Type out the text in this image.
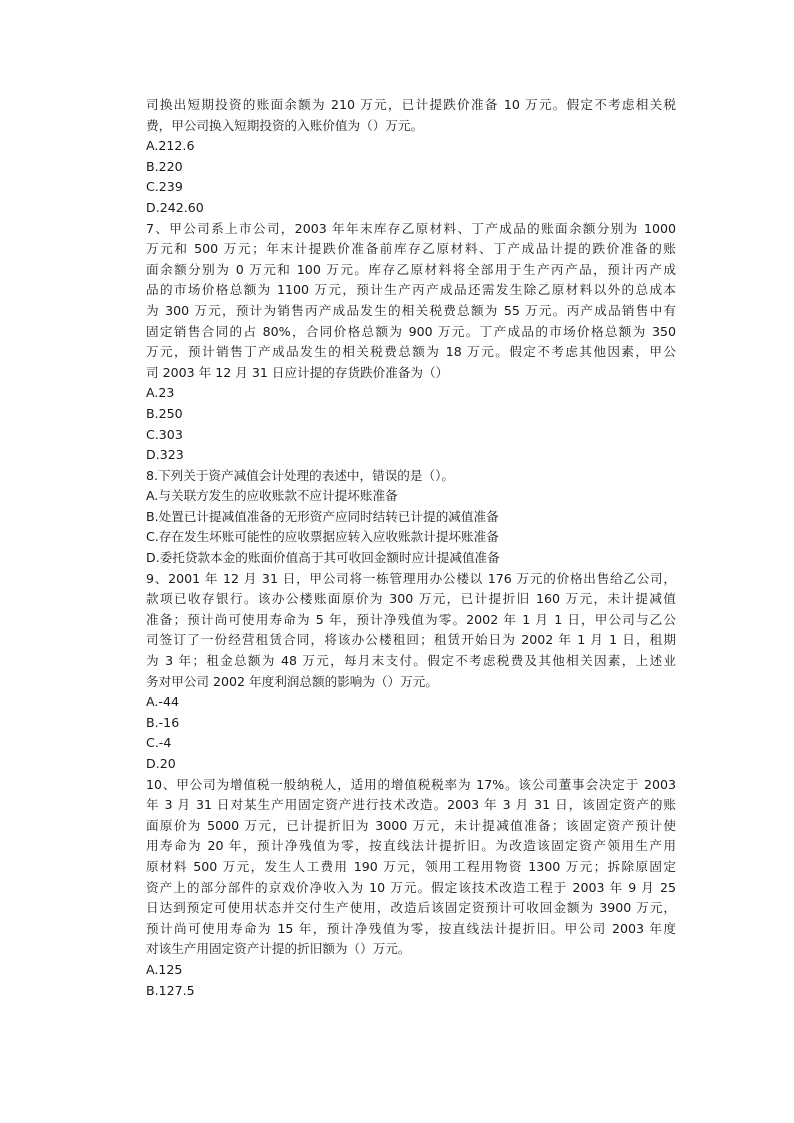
司换出短期投资的账面余额为 210 万元，已计提跌价准备 10 万元。假定不考虑相关税
费，甲公司换入短期投资的入账价值为（）万元。
A.212.6
B.220
C.239
D.242.60
7、甲公司系上市公司，2003 年年末库存乙原材料、丁产成品的账面余额分别为 1000
万元和 500 万元；年末计提跌价准备前库存乙原材料、丁产成品计提的跌价准备的账
面余额分别为 0 万元和 100 万元。库存乙原材料将全部用于生产丙产品，预计丙产成
品的市场价格总额为 1100 万元，预计生产丙产成品还需发生除乙原材料以外的总成本
为 300 万元，预计为销售丙产成品发生的相关税费总额为 55 万元。丙产成品销售中有
固定销售合同的占 80%，合同价格总额为 900 万元。丁产成品的市场价格总额为 350
万元，预计销售丁产成品发生的相关税费总额为 18 万元。假定不考虑其他因素，甲公
司 2003 年 12 月 31 日应计提的存货跌价准备为（）
A.23
B.250
C.303
D.323
8.下列关于资产减值会计处理的表述中，错误的是（）。
A.与关联方发生的应收账款不应计提坏账准备
B.处置已计提减值准备的无形资产应同时结转已计提的减值准备
C.存在发生坏账可能性的应收票据应转入应收账款计提坏账准备
D.委托贷款本金的账面价值高于其可收回金额时应计提减值准备
9、2001 年 12 月 31 日，甲公司将一栋管理用办公楼以 176 万元的价格出售给乙公司，
款项已收存银行。该办公楼账面原价为 300 万元，已计提折旧 160 万元，未计提减值
准备；预计尚可使用寿命为 5 年，预计净残值为零。2002 年 1 月 1 日，甲公司与乙公
司签订了一份经营租赁合同，将该办公楼租回；租赁开始日为 2002 年 1 月 1 日，租期
为 3 年；租金总额为 48 万元，每月末支付。假定不考虑税费及其他相关因素，上述业
务对甲公司 2002 年度利润总额的影响为（）万元。
A.-44
B.-16
C.-4
D.20
10、甲公司为增值税一般纳税人，适用的增值税税率为 17%。该公司董事会决定于 2003
年 3 月 31 日对某生产用固定资产进行技术改造。2003 年 3 月 31 日，该固定资产的账
面原价为 5000 万元，已计提折旧为 3000 万元，未计提减值准备；该固定资产预计使
用寿命为 20 年，预计净残值为零，按直线法计提折旧。为改造该固定资产领用生产用
原材料 500 万元，发生人工费用 190 万元，领用工程用物资 1300 万元；拆除原固定
资产上的部分部件的京戏价净收入为 10 万元。假定该技术改造工程于 2003 年 9 月 25
日达到预定可使用状态并交付生产使用，改造后该固定资预计可收回金额为 3900 万元，
预计尚可使用寿命为 15 年，预计净残值为零，按直线法计提折旧。甲公司 2003 年度
对该生产用固定资产计提的折旧额为（）万元。
A.125
B.127.5
